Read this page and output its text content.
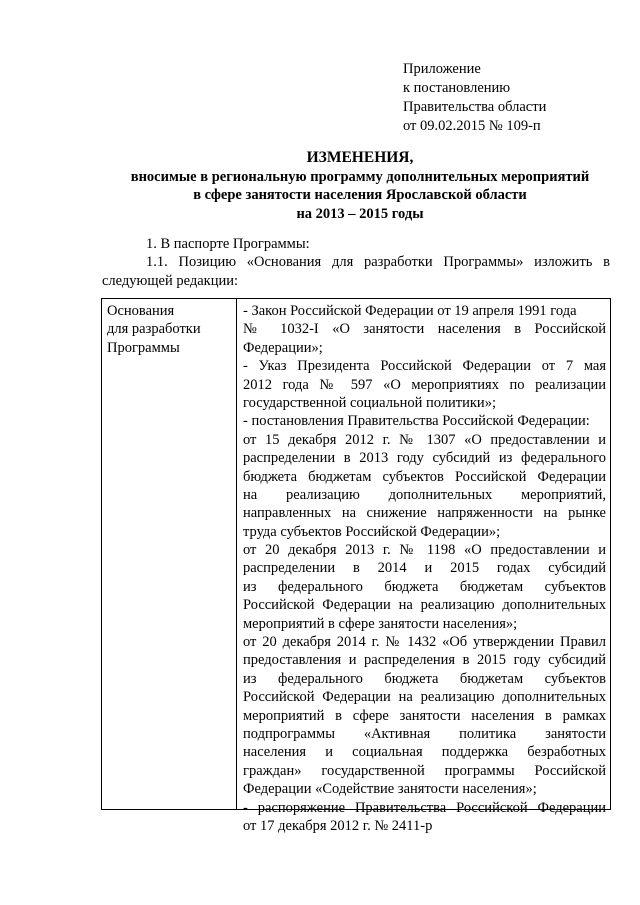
Приложение
к постановлению
Правительства области
от 09.02.2015 № 109-п
ИЗМЕНЕНИЯ,
вносимые в региональную программу дополнительных мероприятий
в сфере занятости населения Ярославской области
на 2013 – 2015 годы
1. В паспорте Программы:
1.1. Позицию «Основания для разработки Программы» изложить в
следующей редакции:
Основания
для разработки
Программы
- Закон Российской Федерации от 19 апреля 1991 года
№ 1032-I «О занятости населения в Российской
Федерации»;
- Указ Президента Российской Федерации от 7 мая
2012 года № 597 «О мероприятиях по реализации
государственной социальной политики»;
- постановления Правительства Российской Федерации:
от 15 декабря 2012 г. № 1307 «О предоставлении и
распределении в 2013 году субсидий из федерального
бюджета бюджетам субъектов Российской Федерации
на реализацию дополнительных мероприятий,
направленных на снижение напряженности на рынке
труда субъектов Российской Федерации»;
от 20 декабря 2013 г. № 1198 «О предоставлении и
распределении в 2014 и 2015 годах субсидий
из федерального бюджета бюджетам субъектов
Российской Федерации на реализацию дополнительных
мероприятий в сфере занятости населения»;
от 20 декабря 2014 г. № 1432 «Об утверждении Правил
предоставления и распределения в 2015 году субсидий
из федерального бюджета бюджетам субъектов
Российской Федерации на реализацию дополнительных
мероприятий в сфере занятости населения в рамках
подпрограммы «Активная политика занятости
населения и социальная поддержка безработных
граждан» государственной программы Российской
Федерации «Содействие занятости населения»;
- распоряжение Правительства Российской Федерации
от 17 декабря 2012 г. № 2411-р
